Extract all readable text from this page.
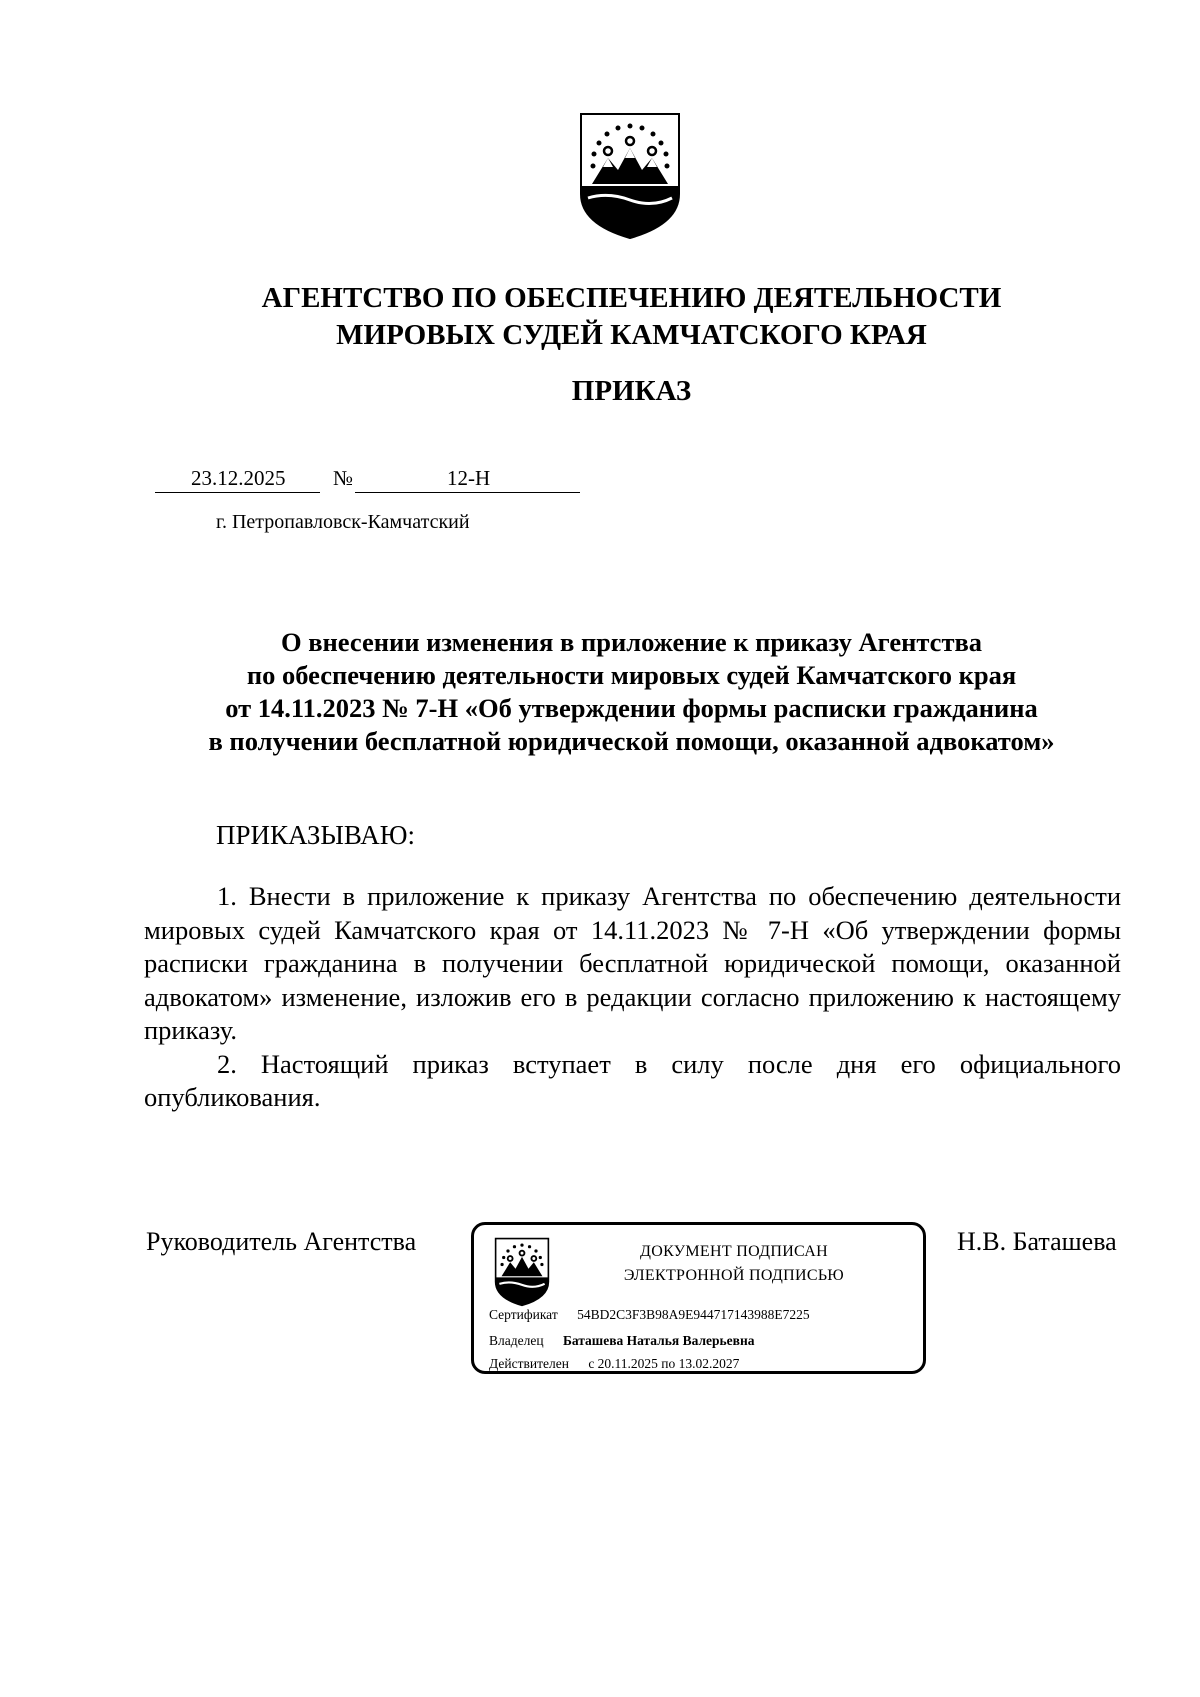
АГЕНТСТВО ПО ОБЕСПЕЧЕНИЮ ДЕЯТЕЛЬНОСТИ
МИРОВЫХ СУДЕЙ КАМЧАТСКОГО КРАЯ
ПРИКАЗ
23.12.2025 №	12-Н
г. Петропавловск-Камчатский
О внесении изменения в приложение к приказу Агентства
по обеспечению деятельности мировых судей Камчатского края
от 14.11.2023 № 7-Н «Об утверждении формы расписки гражданина
в получении бесплатной юридической помощи, оказанной адвокатом»
ПРИКАЗЫВАЮ:

1. Внести в приложение к приказу Агентства по обеспечению деятельности мировых судей Камчатского края от 14.11.2023 № 7-Н «Об утверждении формы расписки гражданина в получении бесплатной юридической помощи, оказанной адвокатом» изменение, изложив его в редакции согласно приложению к настоящему приказу.

2. Настоящий приказ вступает в силу после дня его официального опубликования.

Руководитель Агентства	Н.В. Баташева
ДОКУМЕНТ ПОДПИСАН
ЭЛЕКТРОННОЙ ПОДПИСЬЮ
Сертификат 54BD2C3F3B98A9E944717143988E7225
Владелец Баташева Наталья Валерьевна
Действителен с 20.11.2025 по 13.02.2027
